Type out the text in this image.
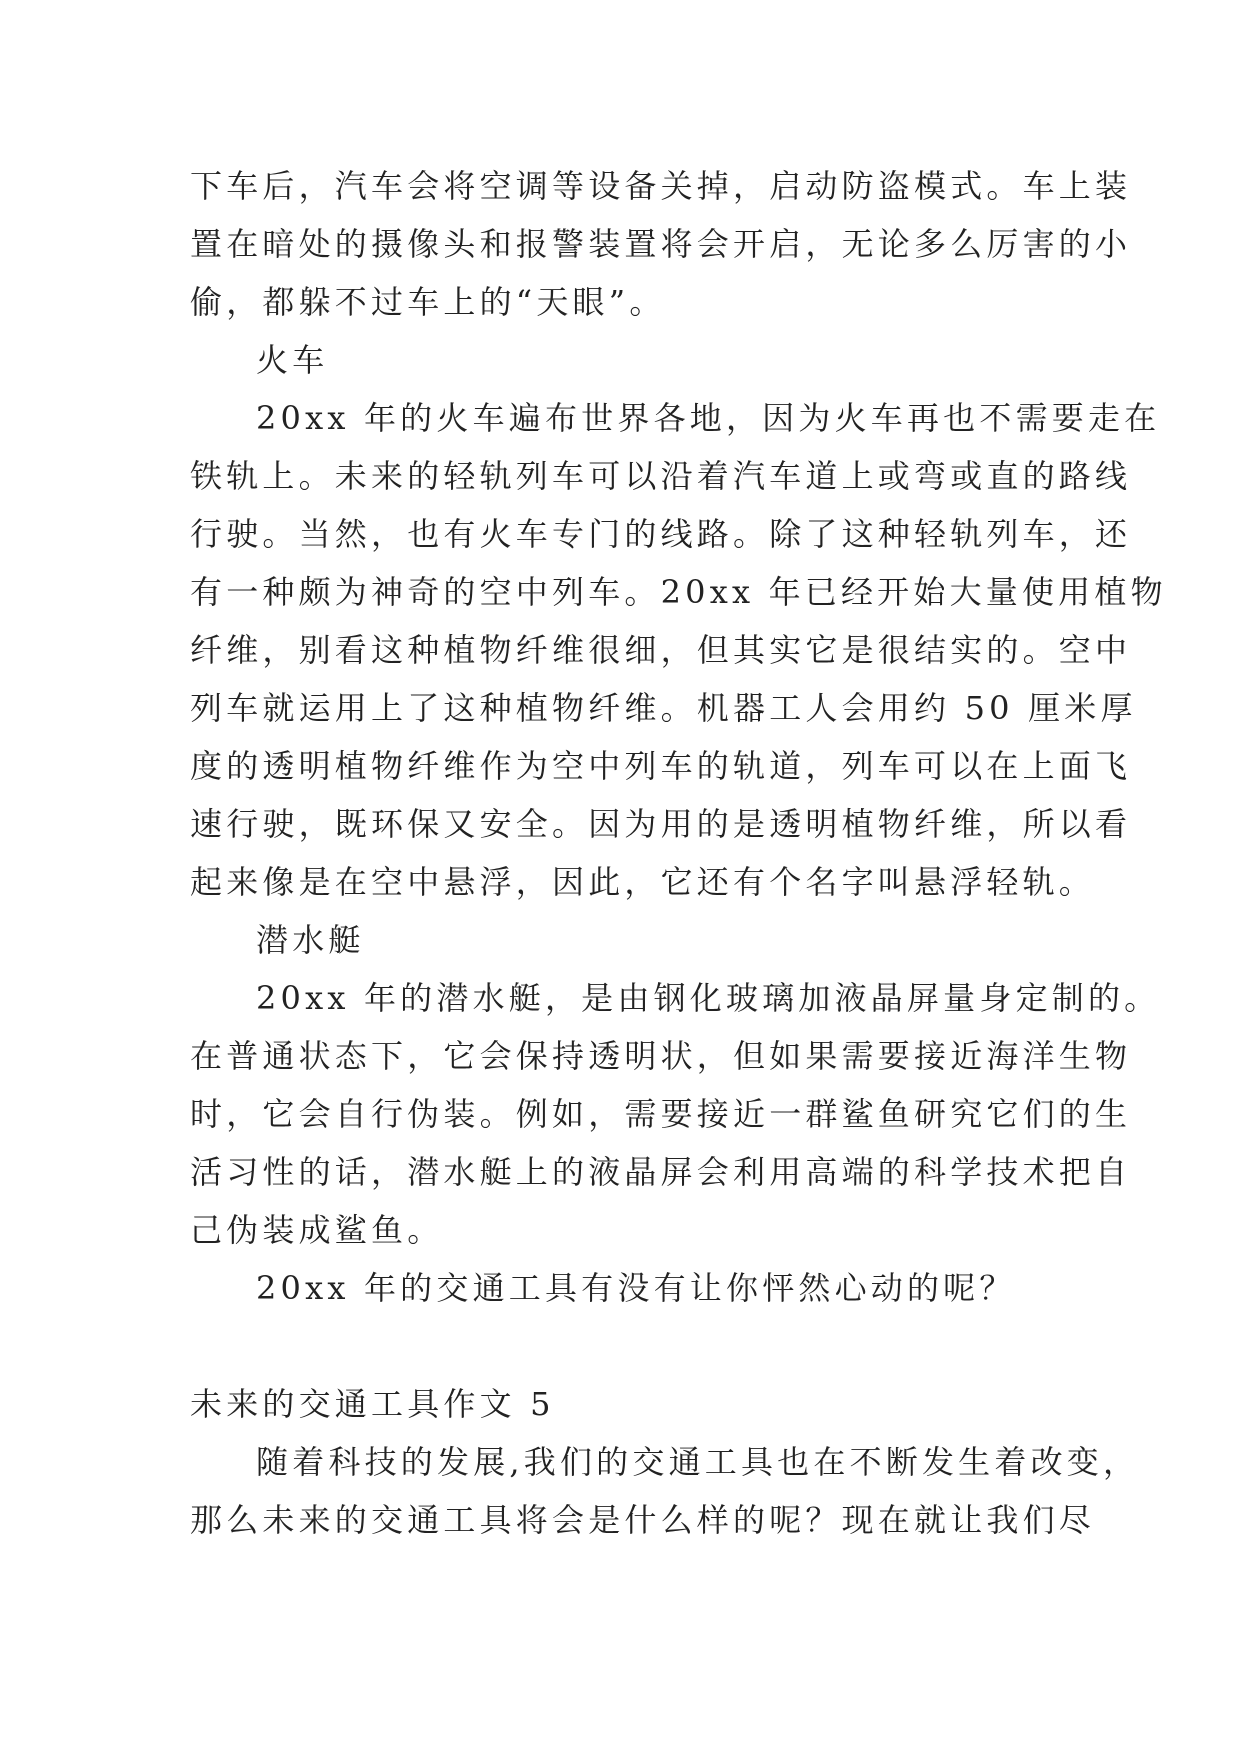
下车后，汽车会将空调等设备关掉，启动防盗模式。车上装
置在暗处的摄像头和报警装置将会开启，无论多么厉害的小
偷，都躲不过车上的“天眼”。
火车
20xx 年的火车遍布世界各地，因为火车再也不需要走在
铁轨上。未来的轻轨列车可以沿着汽车道上或弯或直的路线
行驶。当然，也有火车专门的线路。除了这种轻轨列车，还
有一种颇为神奇的空中列车。20xx 年已经开始大量使用植物
纤维，别看这种植物纤维很细，但其实它是很结实的。空中
列车就运用上了这种植物纤维。机器工人会用约 50 厘米厚
度的透明植物纤维作为空中列车的轨道，列车可以在上面飞
速行驶，既环保又安全。因为用的是透明植物纤维，所以看
起来像是在空中悬浮，因此，它还有个名字叫悬浮轻轨。
潜水艇
20xx 年的潜水艇，是由钢化玻璃加液晶屏量身定制的。
在普通状态下，它会保持透明状，但如果需要接近海洋生物
时，它会自行伪装。例如，需要接近一群鲨鱼研究它们的生
活习性的话，潜水艇上的液晶屏会利用高端的科学技术把自
己伪装成鲨鱼。
20xx 年的交通工具有没有让你怦然心动的呢？
未来的交通工具作文 5
随着科技的发展,我们的交通工具也在不断发生着改变，
那么未来的交通工具将会是什么样的呢？现在就让我们尽
